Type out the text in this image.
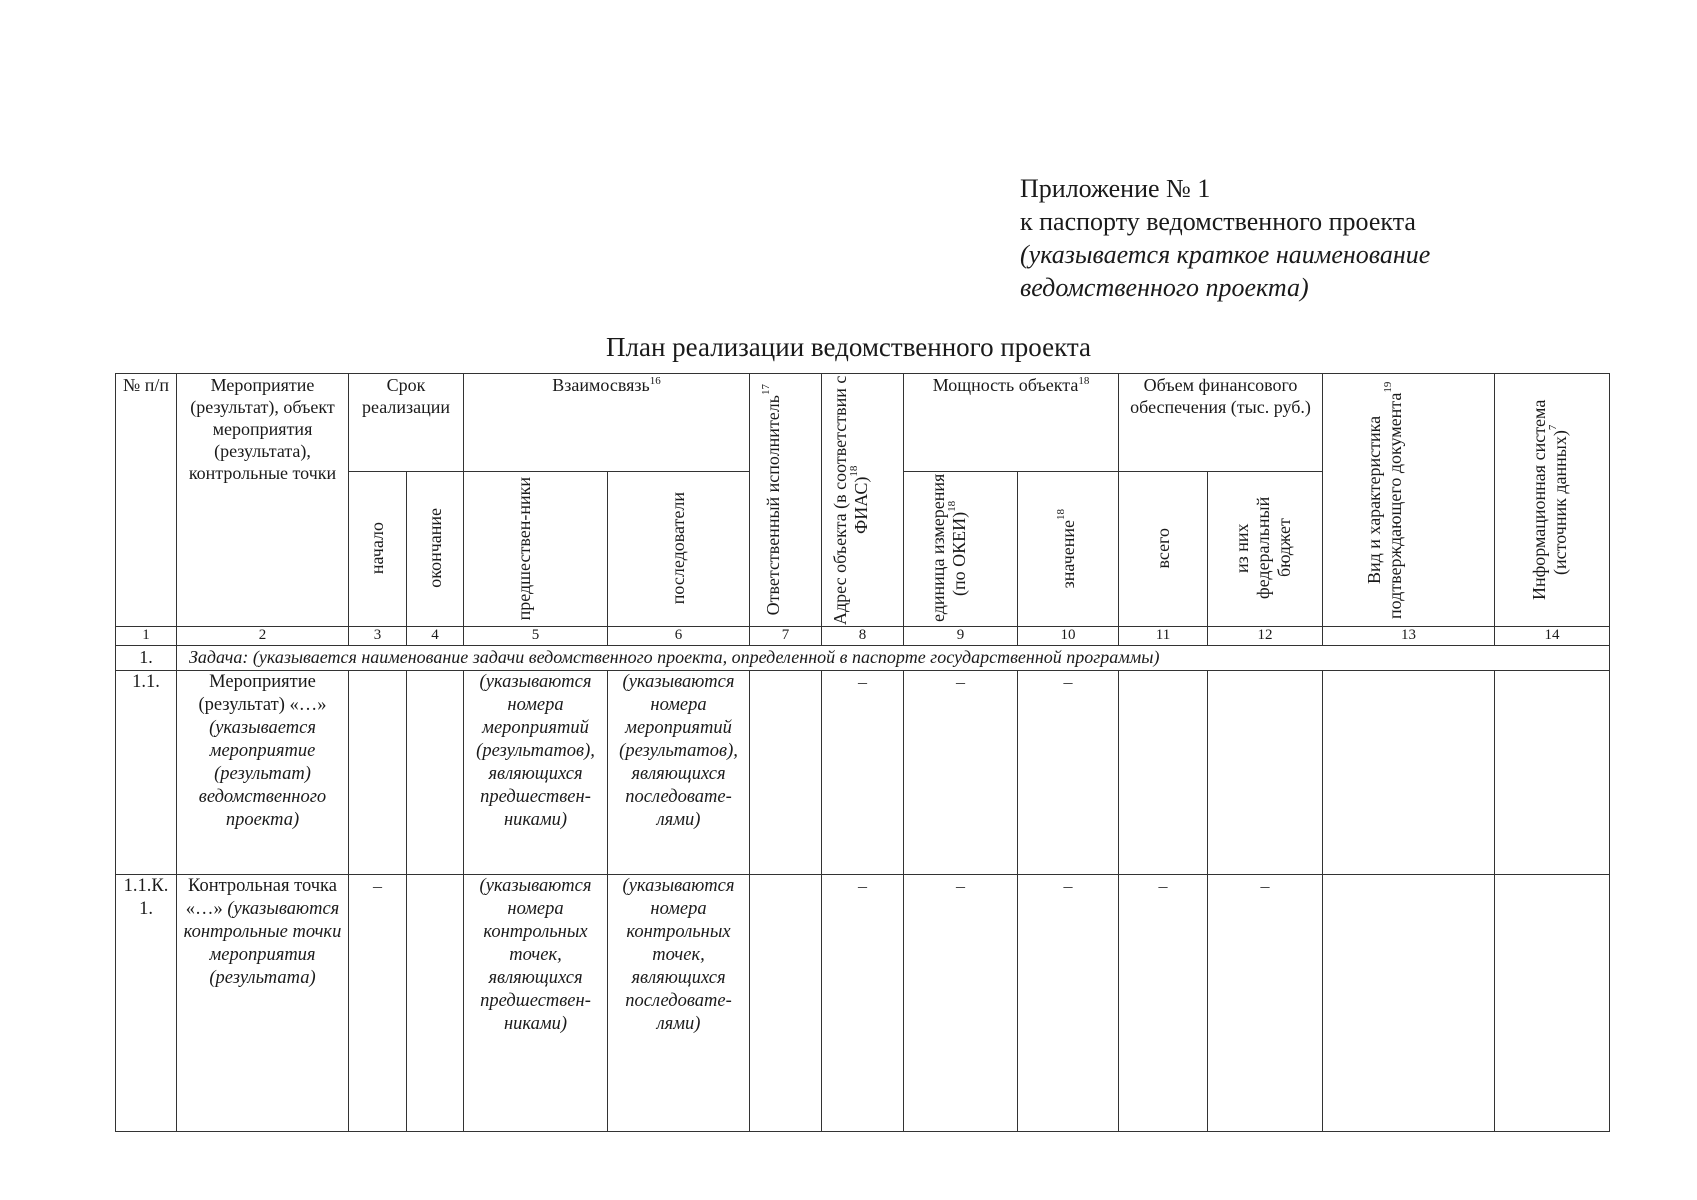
Приложение № 1
к паспорту ведомственного проекта
(указывается краткое наименование
ведомственного проекта)
План реализации ведомственного проекта
№ п/п	Мероприятие (результат), объект мероприятия (результата), контрольные точки	Срок реализации		Взаимосвязь$^{16}$		Ответственный исполнитель$^{17}$	Адрес объекта (в соответствии с ФИАС)$^{18}$	Мощность объекта$^{18}$		Объем финансового обеспечения (тыс. руб.)		Вид и характеристика подтверждающего документа$^{19}$	Информационная система (источник данных)$^7$

		начало	окончание	предшествен-ники	последователи			единица измерения (по ОКЕИ)$^{18}$	значение$^{18}$	всего	из них федеральный бюджет		

1	2	3	4	5	6	7	8	9	10	11	12	13	14
1.	Задача: (указывается наименование задачи ведомственного проекта, определенной в паспорте государственной программы)												
1.1.	Мероприятие (результат) «…» (указывается мероприятие (результат) ведомственного проекта)			(указываются номера мероприятий (результатов), являющихся предшествен-никами)	(указываются номера мероприятий (результатов), являющихся последовате-лями)		–	–	–				
1.1.К. 1.	Контрольная точка «…» (указываются контрольные точки мероприятия (результата)	–		(указываются номера контрольных точек, являющихся предшествен-никами)	(указываются номера контрольных точек, являющихся последовате-лями)		–	–	–	–	–		
